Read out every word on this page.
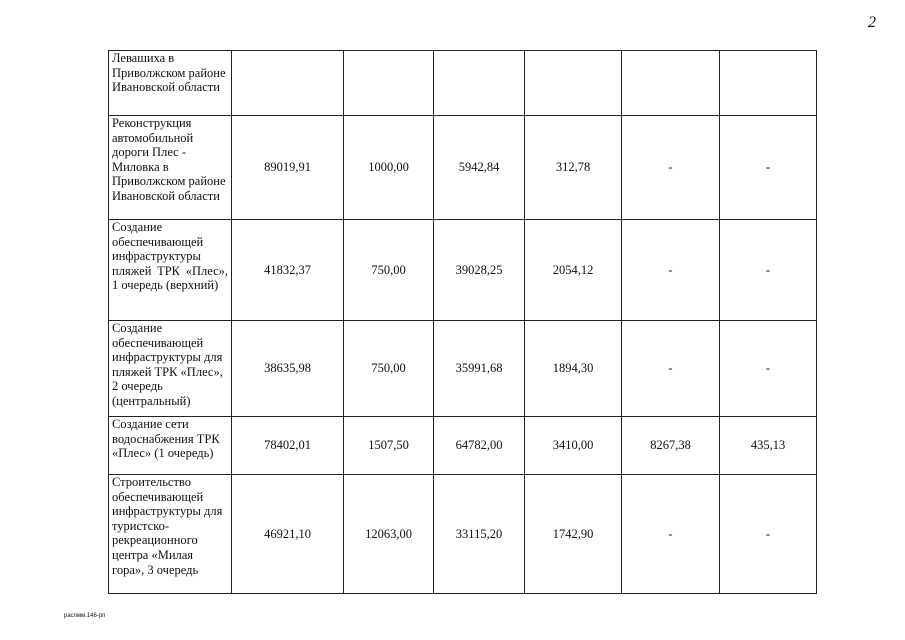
2
Левашиха в Приволжском районе Ивановской области						
Реконструкция автомобильной дороги Плес - Миловка в Приволжском районе Ивановской области	89019,91	1000,00	5942,84	312,78	-	-
Создание обеспечивающей инфраструктуры пляжей ТРК «Плес», 1 очередь (верхний)	41832,37	750,00	39028,25	2054,12	-	-
Создание обеспечивающей инфраструктуры для пляжей ТРК «Плес», 2 очередь (центральный)	38635,98	750,00	35991,68	1894,30	-	-
Создание сети водоснабжения ТРК «Плес» (1 очередь)	78402,01	1507,50	64782,00	3410,00	8267,38	435,13
Строительство обеспечивающей инфраструктуры для туристско-рекреационного центра «Милая гора», 3 очередь	46921,10	12063,00	33115,20	1742,90	-	-
распмм.146-рп
